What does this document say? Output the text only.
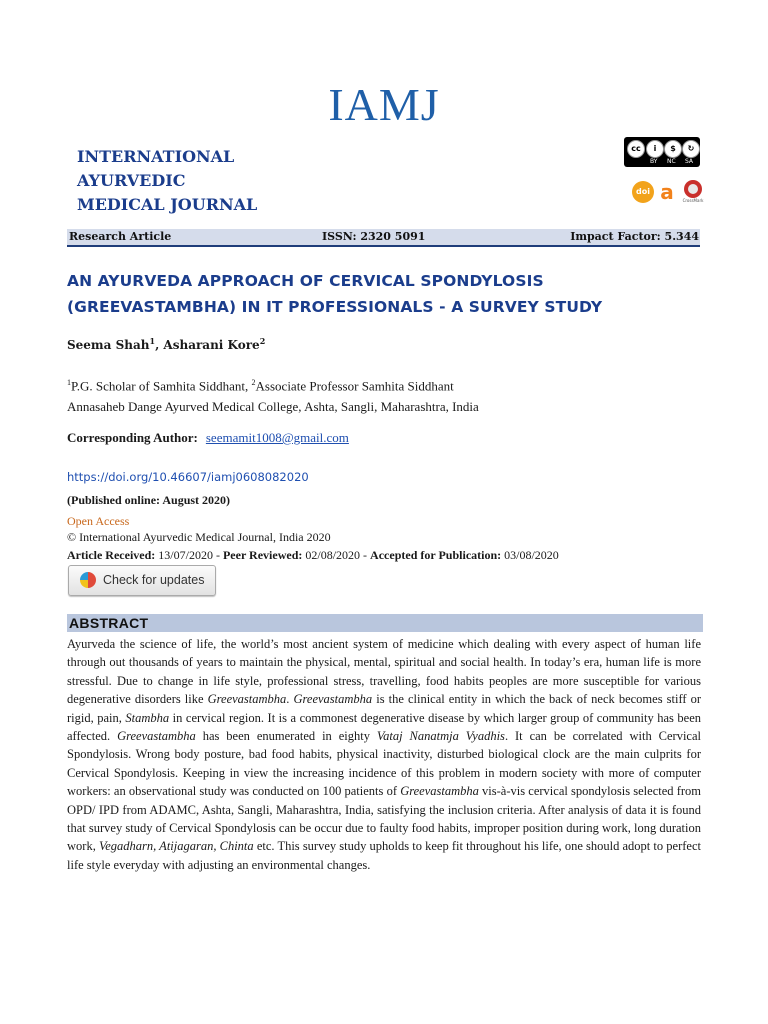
IAMJ
INTERNATIONAL
AYURVEDIC
MEDICAL JOURNAL
cc	i	$	↻
BY NC SA
doi a	CrossMark
Research Article	ISSN: 2320 5091	Impact Factor: 5.344
AN AYURVEDA APPROACH OF CERVICAL SPONDYLOSIS (GREEVASTAMBHA) IN IT PROFESSIONALS - A SURVEY STUDY
Seema Shah$^1$, Asharani Kore$^2$
$^1$P.G. Scholar of Samhita Siddhant, $^2$Associate Professor Samhita Siddhant
Annasaheb Dange Ayurved Medical College, Ashta, Sangli, Maharashtra, India
Corresponding Author: seemamit1008@gmail.com
https://doi.org/10.46607/iamj0608082020
(Published online: August 2020)
Open Access
© International Ayurvedic Medical Journal, India 2020
Article Received: 13/07/2020 - Peer Reviewed: 02/08/2020 - Accepted for Publication: 03/08/2020
Check for updates
ABSTRACT
Ayurveda the science of life, the world’s most ancient system of medicine which dealing with every aspect of human life through out thousands of years to maintain the physical, mental, spiritual and social health. In today’s era, human life is more stressful. Due to change in life style, professional stress, travelling, food habits peoples are more susceptible for various degenerative disorders like Greevastambha. Greevastambha is the clinical entity in which the back of neck becomes stiff or rigid, pain, Stambha in cervical region. It is a commonest degenerative disease by which larger group of community has been affected. Greevastambha has been enumerated in eighty Vataj Nanatmja Vyadhis. It can be correlated with Cervical Spondylosis. Wrong body posture, bad food habits, physical inactivity, disturbed biological clock are the main culprits for Cervical Spondylosis. Keeping in view the increasing incidence of this problem in modern society with more of computer workers: an observational study was conducted on 100 patients of Greevastambha vis-à-vis cervical spondylosis selected from OPD/ IPD from ADAMC, Ashta, Sangli, Maharashtra, India, satisfying the inclusion criteria. After analysis of data it is found that survey study of Cervical Spondylosis can be occur due to faulty food habits, improper position during work, long duration work, Vegadharn, Atijagaran, Chinta etc. This survey study upholds to keep fit throughout his life, one should adopt to perfect life style everyday with adjusting an environmental changes.
